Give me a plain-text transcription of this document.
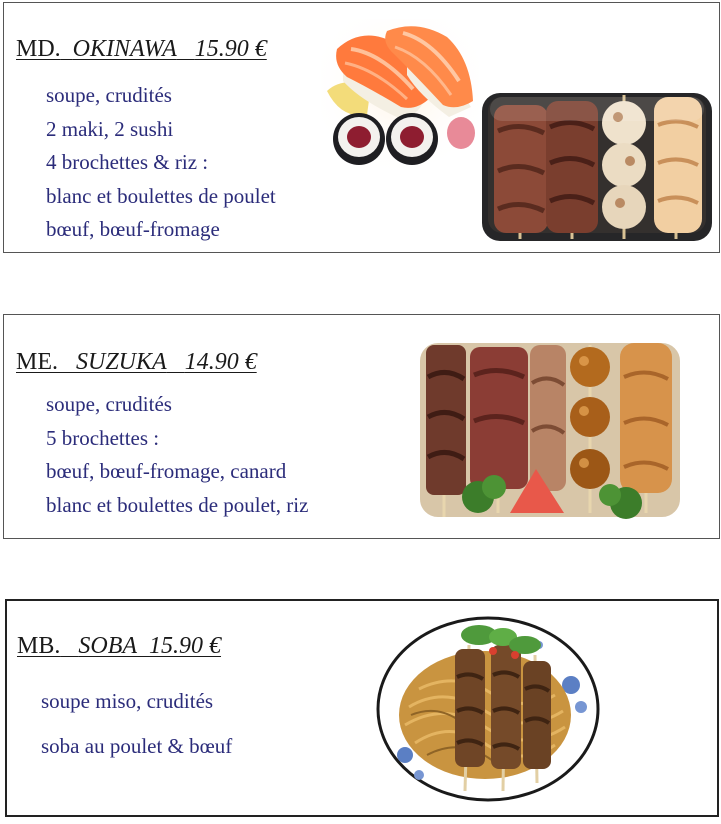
MD. OKINAWA 15.90 €
soupe, crudités
2 maki, 2 sushi
4 brochettes & riz :
blanc et boulettes de poulet
bœuf, bœuf-fromage
ME. SUZUKA 14.90 €
soupe, crudités
5 brochettes :
bœuf, bœuf-fromage, canard
blanc et boulettes de poulet, riz
MB. SOBA 15.90 €
soupe miso, crudités
soba au poulet & bœuf
